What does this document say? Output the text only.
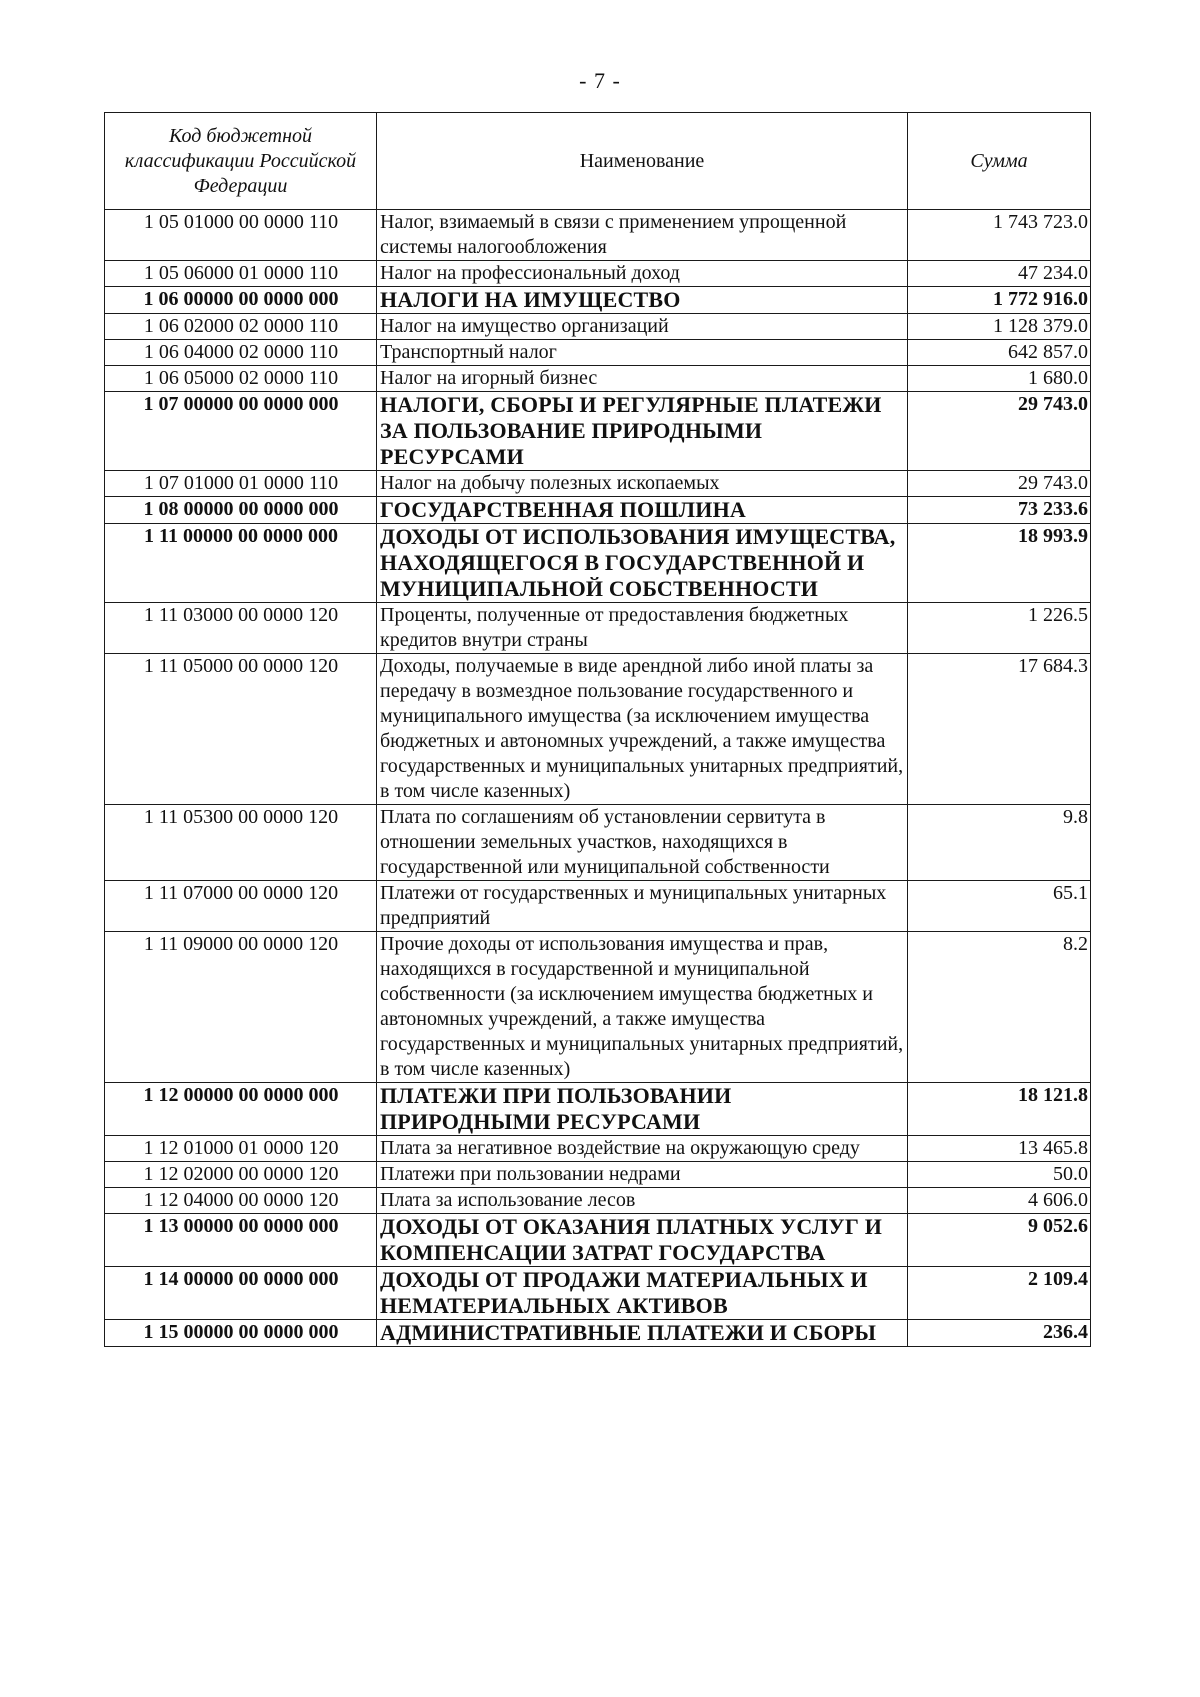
- 7 -
Код бюджетной классификации Российской Федерации	Наименование	Сумма
1 05 01000 00 0000 110	Налог, взимаемый в связи с применением упрощенной системы налогообложения	1 743 723.0
1 05 06000 01 0000 110	Налог на профессиональный доход	47 234.0
1 06 00000 00 0000 000	НАЛОГИ НА ИМУЩЕСТВО	1 772 916.0
1 06 02000 02 0000 110	Налог на имущество организаций	1 128 379.0
1 06 04000 02 0000 110	Транспортный налог	642 857.0
1 06 05000 02 0000 110	Налог на игорный бизнес	1 680.0
1 07 00000 00 0000 000	НАЛОГИ, СБОРЫ И РЕГУЛЯРНЫЕ ПЛАТЕЖИ ЗА ПОЛЬЗОВАНИЕ ПРИРОДНЫМИ РЕСУРСАМИ	29 743.0
1 07 01000 01 0000 110	Налог на добычу полезных ископаемых	29 743.0
1 08 00000 00 0000 000	ГОСУДАРСТВЕННАЯ ПОШЛИНА	73 233.6
1 11 00000 00 0000 000	ДОХОДЫ ОТ ИСПОЛЬЗОВАНИЯ ИМУЩЕСТВА, НАХОДЯЩЕГОСЯ В ГОСУДАРСТВЕННОЙ И МУНИЦИПАЛЬНОЙ СОБСТВЕННОСТИ	18 993.9
1 11 03000 00 0000 120	Проценты, полученные от предоставления бюджетных кредитов внутри страны	1 226.5
1 11 05000 00 0000 120	Доходы, получаемые в виде арендной либо иной платы за передачу в возмездное пользование государственного и муниципального имущества (за исключением имущества бюджетных и автономных учреждений, а также имущества государственных и муниципальных унитарных предприятий, в том числе казенных)	17 684.3
1 11 05300 00 0000 120	Плата по соглашениям об установлении сервитута в отношении земельных участков, находящихся в государственной или муниципальной собственности	9.8
1 11 07000 00 0000 120	Платежи от государственных и муниципальных унитарных предприятий	65.1
1 11 09000 00 0000 120	Прочие доходы от использования имущества и прав, находящихся в государственной и муниципальной собственности (за исключением имущества бюджетных и автономных учреждений, а также имущества государственных и муниципальных унитарных предприятий, в том числе казенных)	8.2
1 12 00000 00 0000 000	ПЛАТЕЖИ ПРИ ПОЛЬЗОВАНИИ ПРИРОДНЫМИ РЕСУРСАМИ	18 121.8
1 12 01000 01 0000 120	Плата за негативное воздействие на окружающую среду	13 465.8
1 12 02000 00 0000 120	Платежи при пользовании недрами	50.0
1 12 04000 00 0000 120	Плата за использование лесов	4 606.0
1 13 00000 00 0000 000	ДОХОДЫ ОТ ОКАЗАНИЯ ПЛАТНЫХ УСЛУГ И КОМПЕНСАЦИИ ЗАТРАТ ГОСУДАРСТВА	9 052.6
1 14 00000 00 0000 000	ДОХОДЫ ОТ ПРОДАЖИ МАТЕРИАЛЬНЫХ И НЕМАТЕРИАЛЬНЫХ АКТИВОВ	2 109.4
1 15 00000 00 0000 000	АДМИНИСТРАТИВНЫЕ ПЛАТЕЖИ И СБОРЫ	236.4
